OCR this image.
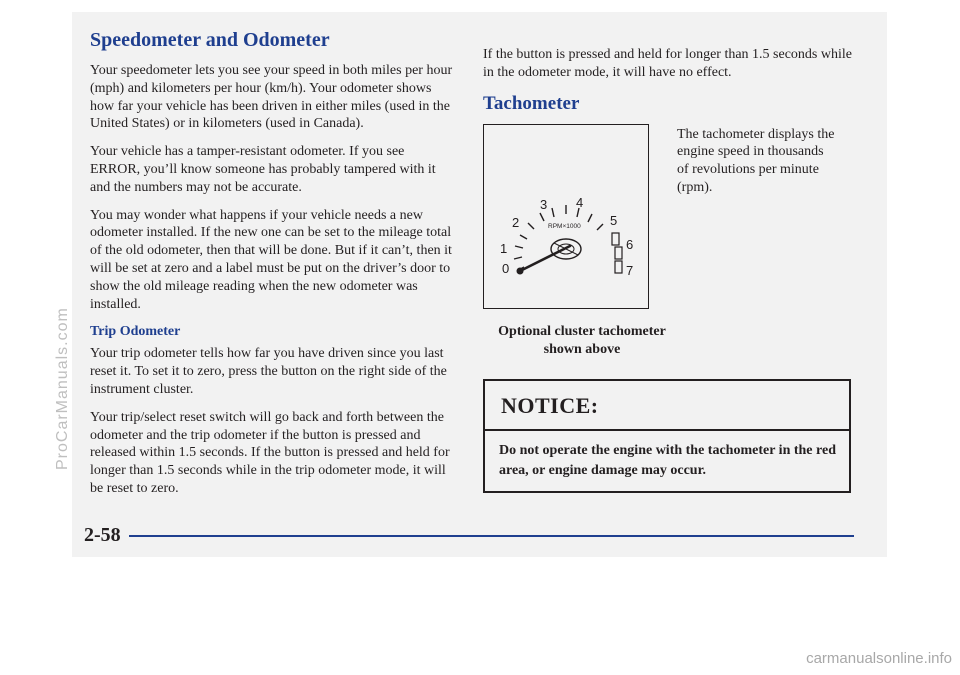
Speedometer and Odometer

Your speedometer lets you see your speed in both miles per hour (mph) and kilometers per hour (km/h). Your odometer shows how far your vehicle has been driven in either miles (used in the United States) or in kilometers (used in Canada).

Your vehicle has a tamper-resistant odometer. If you see ERROR, you’ll know someone has probably tampered with it and the numbers may not be accurate.

You may wonder what happens if your vehicle needs a new odometer installed. If the new one can be set to the mileage total of the old odometer, then that will be done. But if it can’t, then it will be set at zero and a label must be put on the driver’s door to show the old mileage reading when the new odometer was installed.

Trip Odometer

Your trip odometer tells how far you have driven since you last reset it. To set it to zero, press the button on the right side of the instrument cluster.

Your trip/select reset switch will go back and forth between the odometer and the trip odometer if the button is pressed and released within 1.5 seconds. If the button is pressed and held for longer than 1.5 seconds while in the trip odometer mode, it will be reset to zero.

If the button is pressed and held for longer than 1.5 seconds while in the odometer mode, it will have no effect.

Tachometer
0
1
2
3 4
5
6
7
RPM×1000

The tachometer displays the engine speed in thousands of revolutions per minute (rpm).

Optional cluster tachometer shown above

NOTICE:
Do not operate the engine with the tachometer in the red area, or engine damage may occur.
2-58
ProCarManuals.com
carmanualsonline.info
